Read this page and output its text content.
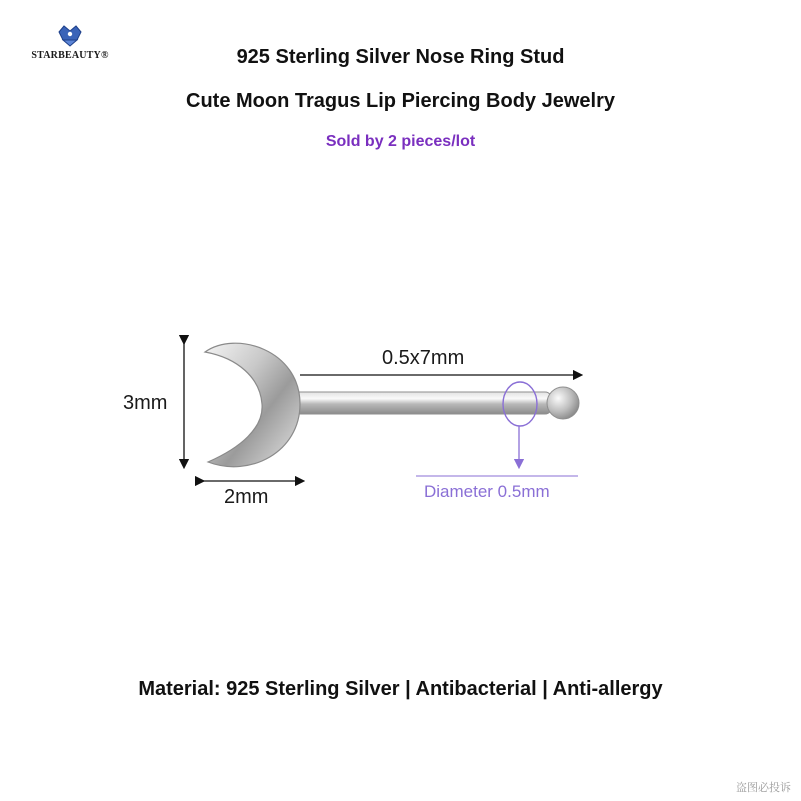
STARBEAUTY®	925 Sterling Silver Nose Ring Stud
Cute Moon Tragus Lip Piercing Body Jewelry
Sold by 2 pieces/lot
3mm
2mm
0.5x7mm
Diameter 0.5mm
Material: 925 Sterling Silver | Antibacterial | Anti-allergy
盗图必投诉
